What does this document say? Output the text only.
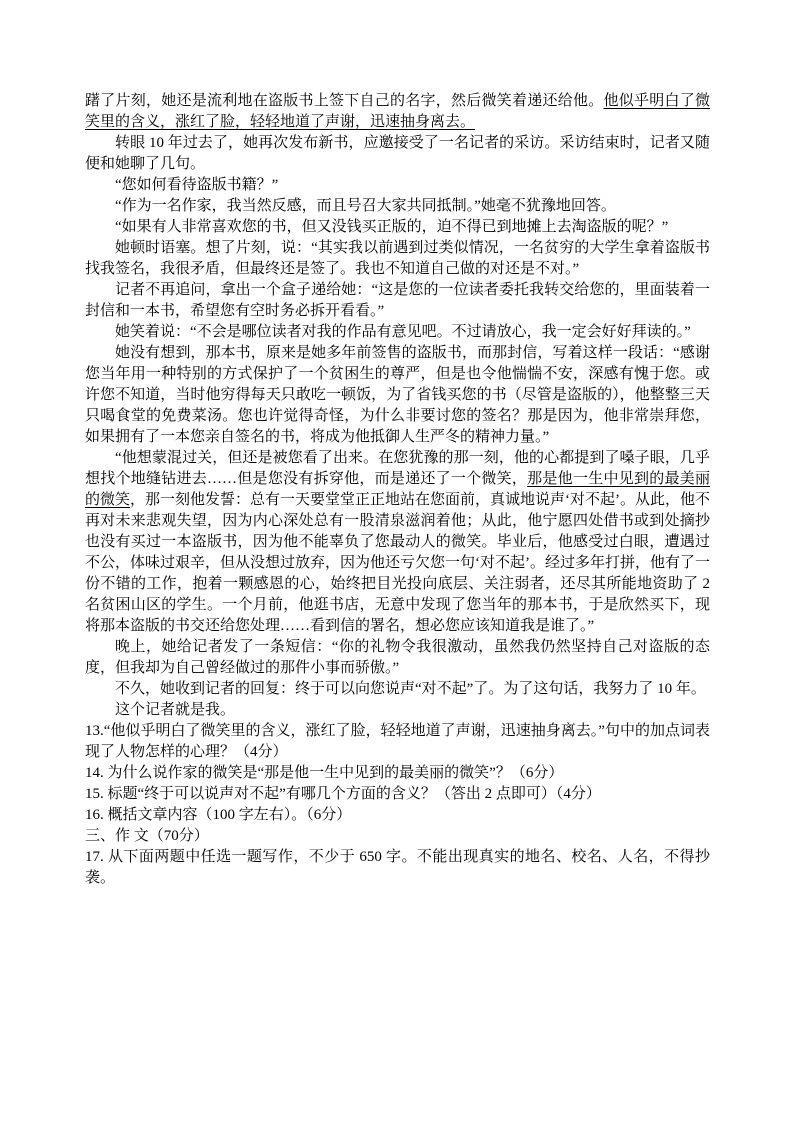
躇了片刻，她还是流利地在盗版书上签下自己的名字，然后微笑着递还给他。他似乎明白了微笑里的含义，涨红了脸，轻轻地道了声谢，迅速抽身离去。

转眼 10 年过去了，她再次发布新书，应邀接受了一名记者的采访。采访结束时，记者又随便和她聊了几句。

“您如何看待盗版书籍？”

“作为一名作家，我当然反感，而且号召大家共同抵制。”她毫不犹豫地回答。

“如果有人非常喜欢您的书，但又没钱买正版的，迫不得已到地摊上去淘盗版的呢？”

她顿时语塞。想了片刻，说：“其实我以前遇到过类似情况，一名贫穷的大学生拿着盗版书找我签名，我很矛盾，但最终还是签了。我也不知道自己做的对还是不对。”

记者不再追问，拿出一个盒子递给她：“这是您的一位读者委托我转交给您的，里面装着一封信和一本书，希望您有空时务必拆开看看。”

她笑着说：“不会是哪位读者对我的作品有意见吧。不过请放心，我一定会好好拜读的。”

她没有想到，那本书，原来是她多年前签售的盗版书，而那封信，写着这样一段话：“感谢您当年用一种特别的方式保护了一个贫困生的尊严，但是也令他惴惴不安，深感有愧于您。或许您不知道，当时他穷得每天只敢吃一顿饭，为了省钱买您的书（尽管是盗版的），他整整三天只喝食堂的免费菜汤。您也许觉得奇怪，为什么非要讨您的签名？那是因为，他非常崇拜您，如果拥有了一本您亲自签名的书，将成为他抵御人生严冬的精神力量。”

“他想蒙混过关，但还是被您看了出来。在您犹豫的那一刻，他的心都提到了嗓子眼，几乎想找个地缝钻进去……但是您没有拆穿他，而是递还了一个微笑，那是他一生中见到的最美丽的微笑，那一刻他发誓：总有一天要堂堂正正地站在您面前，真诚地说声‘对不起’。从此，他不再对未来悲观失望，因为内心深处总有一股清泉滋润着他；从此，他宁愿四处借书或到处摘抄也没有买过一本盗版书，因为他不能辜负了您最动人的微笑。毕业后，他感受过白眼，遭遇过不公，体味过艰辛，但从没想过放弃，因为他还亏欠您一句‘对不起’。经过多年打拼，他有了一份不错的工作，抱着一颗感恩的心，始终把目光投向底层、关注弱者，还尽其所能地资助了 2 名贫困山区的学生。一个月前，他逛书店，无意中发现了您当年的那本书，于是欣然买下，现将那本盗版的书交还给您处理……看到信的署名，想必您应该知道我是谁了。”

晚上，她给记者发了一条短信：“你的礼物令我很激动，虽然我仍然坚持自己对盗版的态度，但我却为自己曾经做过的那件小事而骄傲。”

不久，她收到记者的回复：终于可以向您说声“对不起”了。为了这句话，我努力了 10 年。

这个记者就是我。

13.“他似乎明白了微笑里的含义，涨红了脸，轻轻地道了声谢，迅速抽身离去。”句中的加点词表现了人物怎样的心理？（4分）

14. 为什么说作家的微笑是“那是他一生中见到的最美丽的微笑”？（6分）

15. 标题“终于可以说声对不起”有哪几个方面的含义？（答出 2 点即可）（4分）

16. 概括文章内容（100 字左右）。（6分）

三、作 文（70分）

17. 从下面两题中任选一题写作，不少于 650 字。不能出现真实的地名、校名、人名，不得抄袭。
